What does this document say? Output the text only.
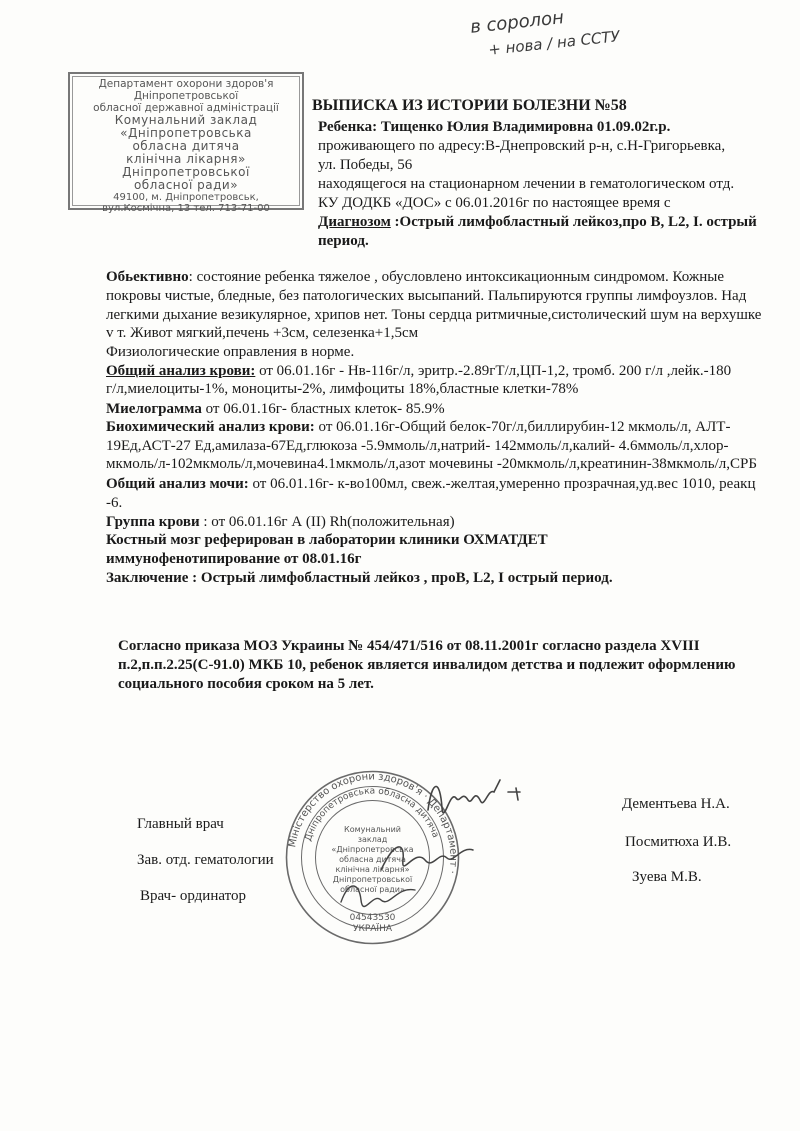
в соролон
+ нова / на ССТУ
Департамент охорони здоров'я
Дніпропетровської
обласної державної адміністрації
Комунальний заклад
«Дніпропетровська
обласна дитяча
клінічна лікарня»
Дніпропетровської
обласної ради»
49100, м. Дніпропетровськ,
вул.Космічна, 13 тел. 713-71-00
ВЫПИСКА ИЗ ИСТОРИИ БОЛЕЗНИ №58
Ребенка: Тищенко Юлия Владимировна 01.09.02г.р.
проживающего по адресу:В-Днепровский р-н, с.Н-Григорьевка,
ул. Победы, 56
находящегося на стационарном лечении в гематологическом отд.
КУ ДОДКБ «ДОС» с 06.01.2016г по настоящее время с
Диагнозом :Острый лимфобластный лейкоз,про В, L2, I. острый
период.
Обьективно: состояние ребенка тяжелое , обусловлено интоксикационным синдромом. Кожные
покровы чистые, бледные, без патологических высыпаний. Пальпируются группы лимфоузлов. Над
легкими дыхание везикулярное, хрипов нет. Тоны сердца ритмичные,систолический шум на верхушке
v т. Живот мягкий,печень +3см, селезенка+1,5см
Физиологические оправления в норме.
Общий анализ крови: от 06.01.16г - Нв-116г/л, эритр.-2.89гТ/л,ЦП-1,2, тромб. 200 г/л ,лейк.-180
г/л,миелоциты-1%, моноциты-2%, лимфоциты 18%,бластные клетки-78%
Миелограмма от 06.01.16г- бластных клеток- 85.9%
Биохимический анализ крови: от 06.01.16г-Общий белок-70г/л,биллирубин-12 мкмоль/л, АЛТ-
19Ед,АСТ-27 Ед,амилаза-67Ед,глюкоза -5.9ммоль/л,натрий- 142ммоль/л,калий- 4.6ммоль/л,хлор-
мкмоль/л-102мкмоль/л,мочевина4.1мкмоль/л,азот мочевины -20мкмоль/л,креатинин-38мкмоль/л,СРБ
Общий анализ мочи: от 06.01.16г- к-во100мл, свеж.-желтая,умеренно прозрачная,уд.вес 1010, реакц
-6.
Группа крови : от 06.01.16г А (II) Rh(положительная)
Костный мозг реферирован в лаборатории клиники ОХМАТДЕТ
иммунофенотипирование от 08.01.16г
Заключение : Острый лимфобластный лейкоз , проВ, L2, I острый период.
Согласно приказа МОЗ Украины № 454/471/516 от 08.11.2001г согласно раздела XVIII
п.2,п.п.2.25(С-91.0) МКБ 10, ребенок является инвалидом детства и подлежит оформлению
социального пособия сроком на 5 лет.
Главный врач
Дементьева Н.А.
Зав. отд. гематологии
Посмитюха И.В.
Врач- ординатор
Зуева М.В.
Міністерство охорони здоров'я · Департамент ·
Дніпропетровська обласна дитяча
Комунальний
заклад
«Дніпропетровська
обласна дитяча
клінічна лікарня»
Дніпропетровської
обласної ради»
04543530
УКРАЇНА
